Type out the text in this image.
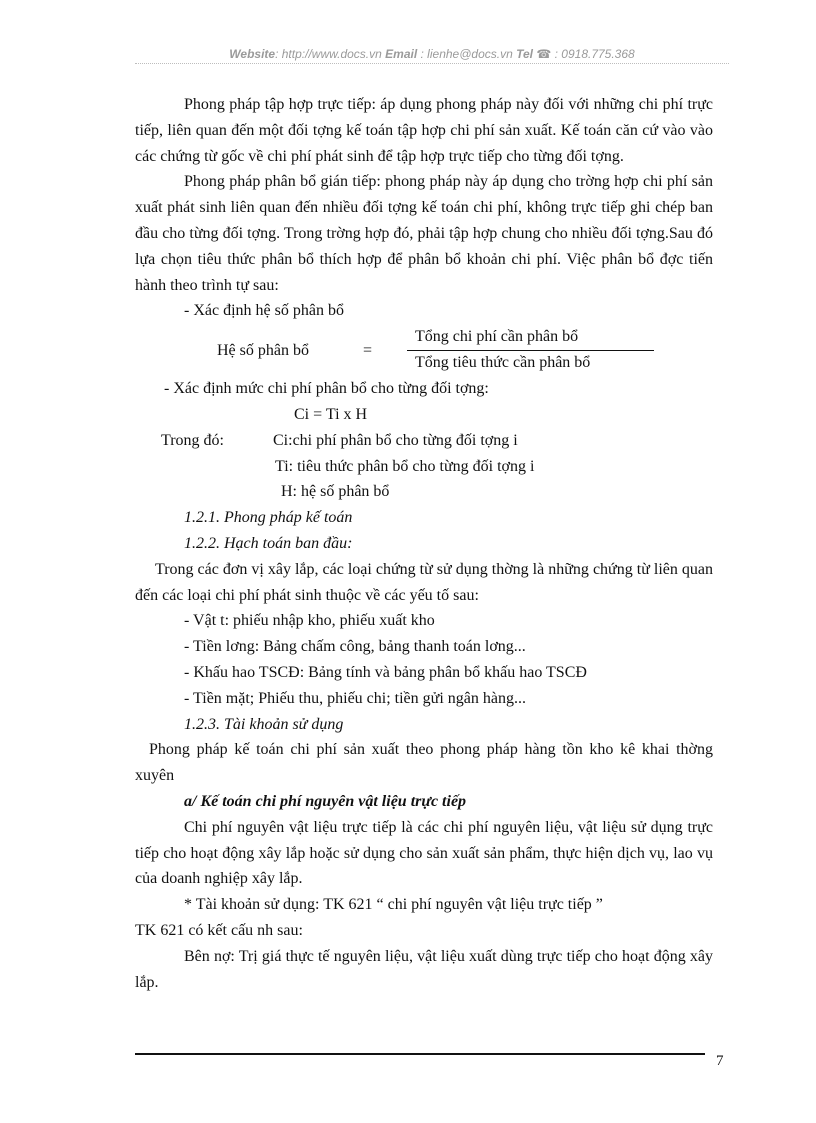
Website: http://www.docs.vn Email : lienhe@docs.vn Tel ☎ : 0918.775.368

Phong pháp tập hợp trực tiếp: áp dụng phong pháp này đối với những chi phí trực tiếp, liên quan đến một đối tợng kế toán tập hợp chi phí sản xuất. Kế toán căn cứ vào vào các chứng từ gốc về chi phí phát sinh để tập hợp trực tiếp cho từng đối tợng.

Phong pháp phân bổ gián tiếp: phong pháp này áp dụng cho trờng hợp chi phí sản xuất phát sinh liên quan đến nhiều đối tợng kế toán chi phí, không trực tiếp ghi chép ban đầu cho từng đối tợng. Trong trờng hợp đó, phải tập hợp chung cho nhiều đối tợng.Sau đó lựa chọn tiêu thức phân bổ thích hợp để phân bổ khoản chi phí. Việc phân bổ đợc tiến hành theo trình tự sau:

- Xác định hệ số phân bổ

Hệ số phân bổ	=
Tổng chi phí cần phân bổ
Tổng tiêu thức cần phân bổ

- Xác định mức chi phí phân bổ cho từng đối tợng:

Ci = Ti x H

Trong đó:	Ci:chi phí phân bổ cho từng đối tợng i
Ti: tiêu thức phân bổ cho từng đối tợng i
H: hệ số phân bổ

1.2.1. Phong pháp kế toán

1.2.2. Hạch toán ban đầu:

Trong các đơn vị xây lắp, các loại chứng từ sử dụng thờng là những chứng từ liên quan đến các loại chi phí phát sinh thuộc về các yếu tố sau:

- Vật t: phiếu nhập kho, phiếu xuất kho

- Tiền lơng: Bảng chấm công, bảng thanh toán lơng...

- Khấu hao TSCĐ: Bảng tính và bảng phân bổ khấu hao TSCĐ

- Tiền mặt; Phiếu thu, phiếu chi; tiền gửi ngân hàng...

1.2.3. Tài khoản sử dụng

Phong pháp kế toán chi phí sản xuất theo phong pháp hàng tồn kho kê khai thờng xuyên

a/ Kế toán chi phí nguyên vật liệu trực tiếp

Chi phí nguyên vật liệu trực tiếp là các chi phí nguyên liệu, vật liệu sử dụng trực tiếp cho hoạt động xây lắp hoặc sử dụng cho sản xuất sản phẩm, thực hiện dịch vụ, lao vụ của doanh nghiệp xây lắp.

* Tài khoản sử dụng: TK 621 “ chi phí nguyên vật liệu trực tiếp ”

TK 621 có kết cấu nh sau:

Bên nợ: Trị giá thực tế nguyên liệu, vật liệu xuất dùng trực tiếp cho hoạt động xây lắp.

7
